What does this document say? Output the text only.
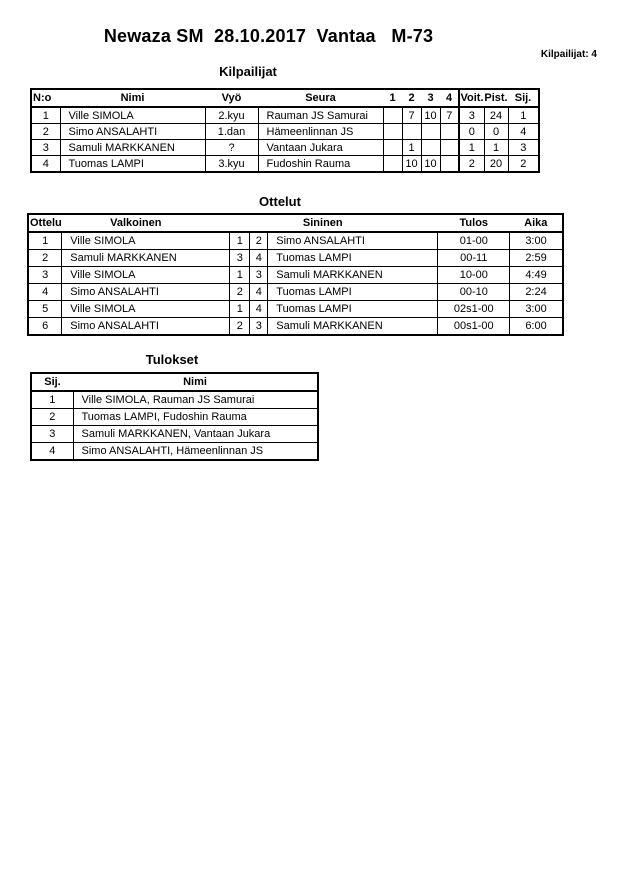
Newaza SM  28.10.2017  Vantaa   M-73
Kilpailijat: 4
Kilpailijat
N:o	Nimi	Vyö	Seura	1	2	3	4	Voit.	Pist.	Sij.
1	Ville SIMOLA	2.kyu	Rauman JS Samurai		7	10	7	3	24	1
2	Simo ANSALAHTI	1.dan	Hämeenlinnan JS					0	0	4
3	Samuli MARKKANEN	?	Vantaan Jukara		1			1	1	3
4	Tuomas LAMPI	3.kyu	Fudoshin Rauma		10	10		2	20	2
Ottelut
Ottelu	Valkoinen	Sininen			Tulos	Aika
1	Ville SIMOLA	1	2	Simo ANSALAHTI	01-00	3:00
2	Samuli MARKKANEN	3	4	Tuomas LAMPI	00-11	2:59
3	Ville SIMOLA	1	3	Samuli MARKKANEN	10-00	4:49
4	Simo ANSALAHTI	2	4	Tuomas LAMPI	00-10	2:24
5	Ville SIMOLA	1	4	Tuomas LAMPI	02s1-00	3:00
6	Simo ANSALAHTI	2	3	Samuli MARKKANEN	00s1-00	6:00
Tulokset
Sij.	Nimi
1	Ville SIMOLA, Rauman JS Samurai
2	Tuomas LAMPI, Fudoshin Rauma
3	Samuli MARKKANEN, Vantaan Jukara
4	Simo ANSALAHTI, Hämeenlinnan JS
